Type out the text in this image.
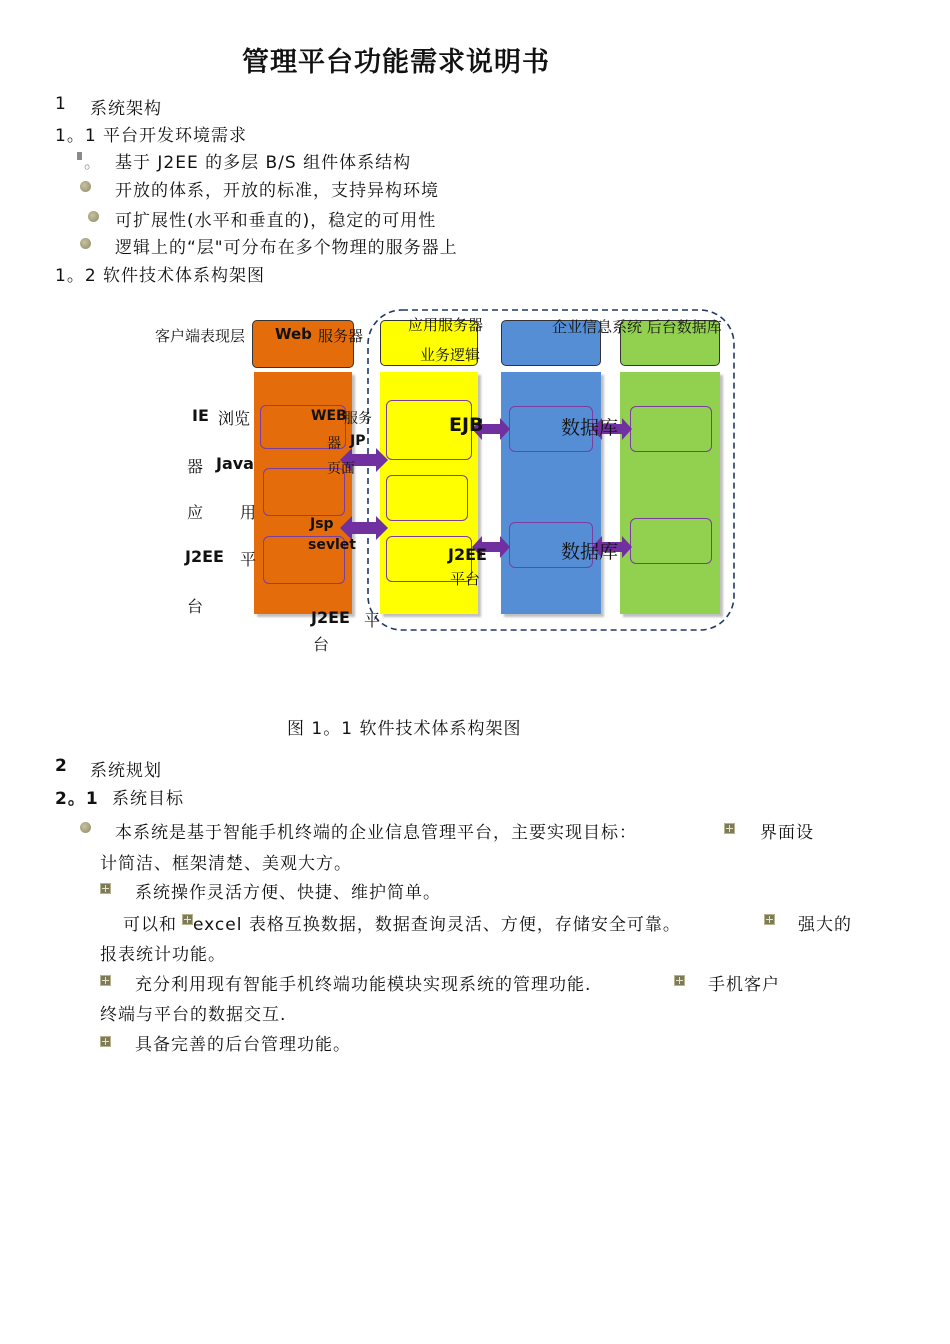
管理平台功能需求说明书
1 系统架构
1。1 平台开发环境需求
。 基于 J2EE 的多层 B/S 组件体系结构
开放的体系，开放的标准，支持异构环境
可扩展性(水平和垂直的)，稳定的可用性
逻辑上的“层"可分布在多个物理的服务器上
1。2 软件技术体系构架图
客户端表现层 Web 服务器
应用服务器
业务逻辑
企业信息系统 后台数据库
IE 浏览
器 Java
应 用
J2EE 平
台
WEB
服务
器 JP
页面
Jsp
sevlet
J2EE 平
台
EJB
J2EE
平台
数据库
数据库
图 1。1 软件技术体系构架图
2 系统规划
2。1 系统目标
本系统是基于智能手机终端的企业信息管理平台，主要实现目标：	界面设
计简洁、框架清楚、美观大方。
系统操作灵活方便、快捷、维护简单。
可以和 excel 表格互换数据，数据查询灵活、方便，存储安全可靠。	强大的
报表统计功能。
充分利用现有智能手机终端功能模块实现系统的管理功能.	手机客户
终端与平台的数据交互.
具备完善的后台管理功能。
